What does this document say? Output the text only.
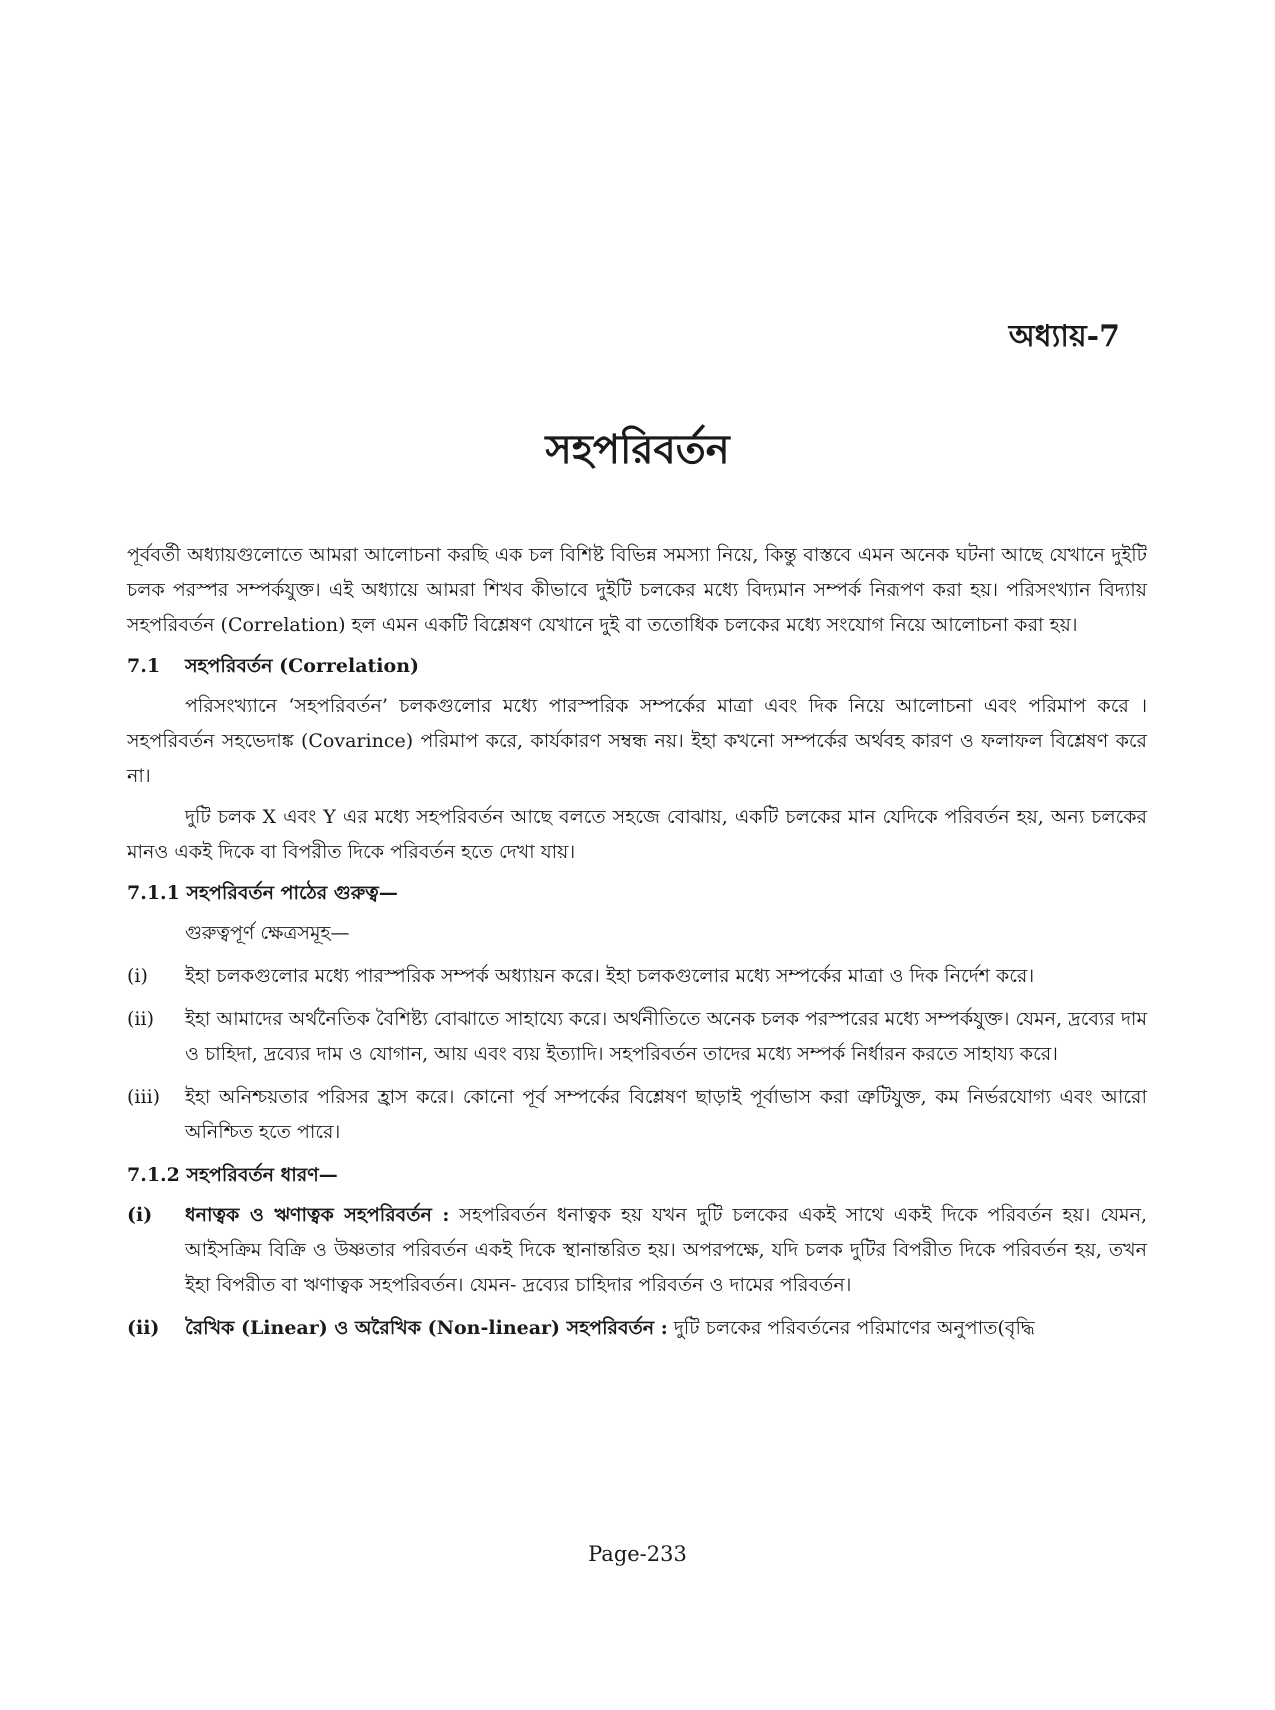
অধ্যায়-7

সহপরিবর্তন

পূর্ববর্তী অধ্যায়গুলোতে আমরা আলোচনা করছি এক চল বিশিষ্ট বিভিন্ন সমস্যা নিয়ে, কিন্তু বাস্তবে এমন অনেক ঘটনা আছে যেখানে দুইটি চলক পরস্পর সম্পর্কযুক্ত। এই অধ্যায়ে আমরা শিখব কীভাবে দুইটি চলকের মধ্যে বিদ্যমান সম্পর্ক নিরূপণ করা হয়। পরিসংখ্যান বিদ্যায় সহপরিবর্তন (Correlation) হল এমন একটি বিশ্লেষণ যেখানে দুই বা ততোধিক চলকের মধ্যে সংযোগ নিয়ে আলোচনা করা হয়।

7.1	সহপরিবর্তন (Correlation)

পরিসংখ্যানে ‘সহপরিবর্তন’ চলকগুলোর মধ্যে পারস্পরিক সম্পর্কের মাত্রা এবং দিক নিয়ে আলোচনা এবং পরিমাপ করে । সহপরিবর্তন সহভেদাঙ্ক (Covarince) পরিমাপ করে, কার্যকারণ সম্বন্ধ নয়। ইহা কখনো সম্পর্কের অর্থবহ কারণ ও ফলাফল বিশ্লেষণ করে না।

দুটি চলক X এবং Y এর মধ্যে সহপরিবর্তন আছে বলতে সহজে বোঝায়, একটি চলকের মান যেদিকে পরিবর্তন হয়, অন্য চলকের মানও একই দিকে বা বিপরীত দিকে পরিবর্তন হতে দেখা যায়।

7.1.1 সহপরিবর্তন পাঠের গুরুত্ব—
গুরুত্বপূর্ণ ক্ষেত্রসমূহ—
(i)	ইহা চলকগুলোর মধ্যে পারস্পরিক সম্পর্ক অধ্যায়ন করে। ইহা চলকগুলোর মধ্যে সম্পর্কের মাত্রা ও দিক নির্দেশ করে।
(ii)	ইহা আমাদের অর্থনৈতিক বৈশিষ্ট্য বোঝাতে সাহায্যে করে। অর্থনীতিতে অনেক চলক পরস্পরের মধ্যে সম্পর্কযুক্ত। যেমন, দ্রব্যের দাম ও চাহিদা, দ্রব্যের দাম ও যোগান, আয় এবং ব্যয় ইত্যাদি। সহপরিবর্তন তাদের মধ্যে সম্পর্ক নির্ধারন করতে সাহায্য করে।
(iii)	ইহা অনিশ্চয়তার পরিসর হ্রাস করে। কোনো পূর্ব সম্পর্কের বিশ্লেষণ ছাড়াই পূর্বাভাস করা ত্রুটিযুক্ত, কম নির্ভরযোগ্য এবং আরো অনিশ্চিত হতে পারে।
7.1.2 সহপরিবর্তন ধারণ—
(i)	ধনাত্বক ও ঋণাত্বক সহপরিবর্তন : সহপরিবর্তন ধনাত্বক হয় যখন দুটি চলকের একই সাথে একই দিকে পরিবর্তন হয়। যেমন, আইসক্রিম বিক্রি ও উষ্ণতার পরিবর্তন একই দিকে স্থানান্তরিত হয়। অপরপক্ষে, যদি চলক দুটির বিপরীত দিকে পরিবর্তন হয়, তখন ইহা বিপরীত বা ঋণাত্বক সহপরিবর্তন। যেমন- দ্রব্যের চাহিদার পরিবর্তন ও দামের পরিবর্তন।
(ii)	রৈখিক (Linear) ও অরৈখিক (Non-linear) সহপরিবর্তন : দুটি চলকের পরিবর্তনের পরিমাণের অনুপাত(বৃদ্ধি

Page-233
